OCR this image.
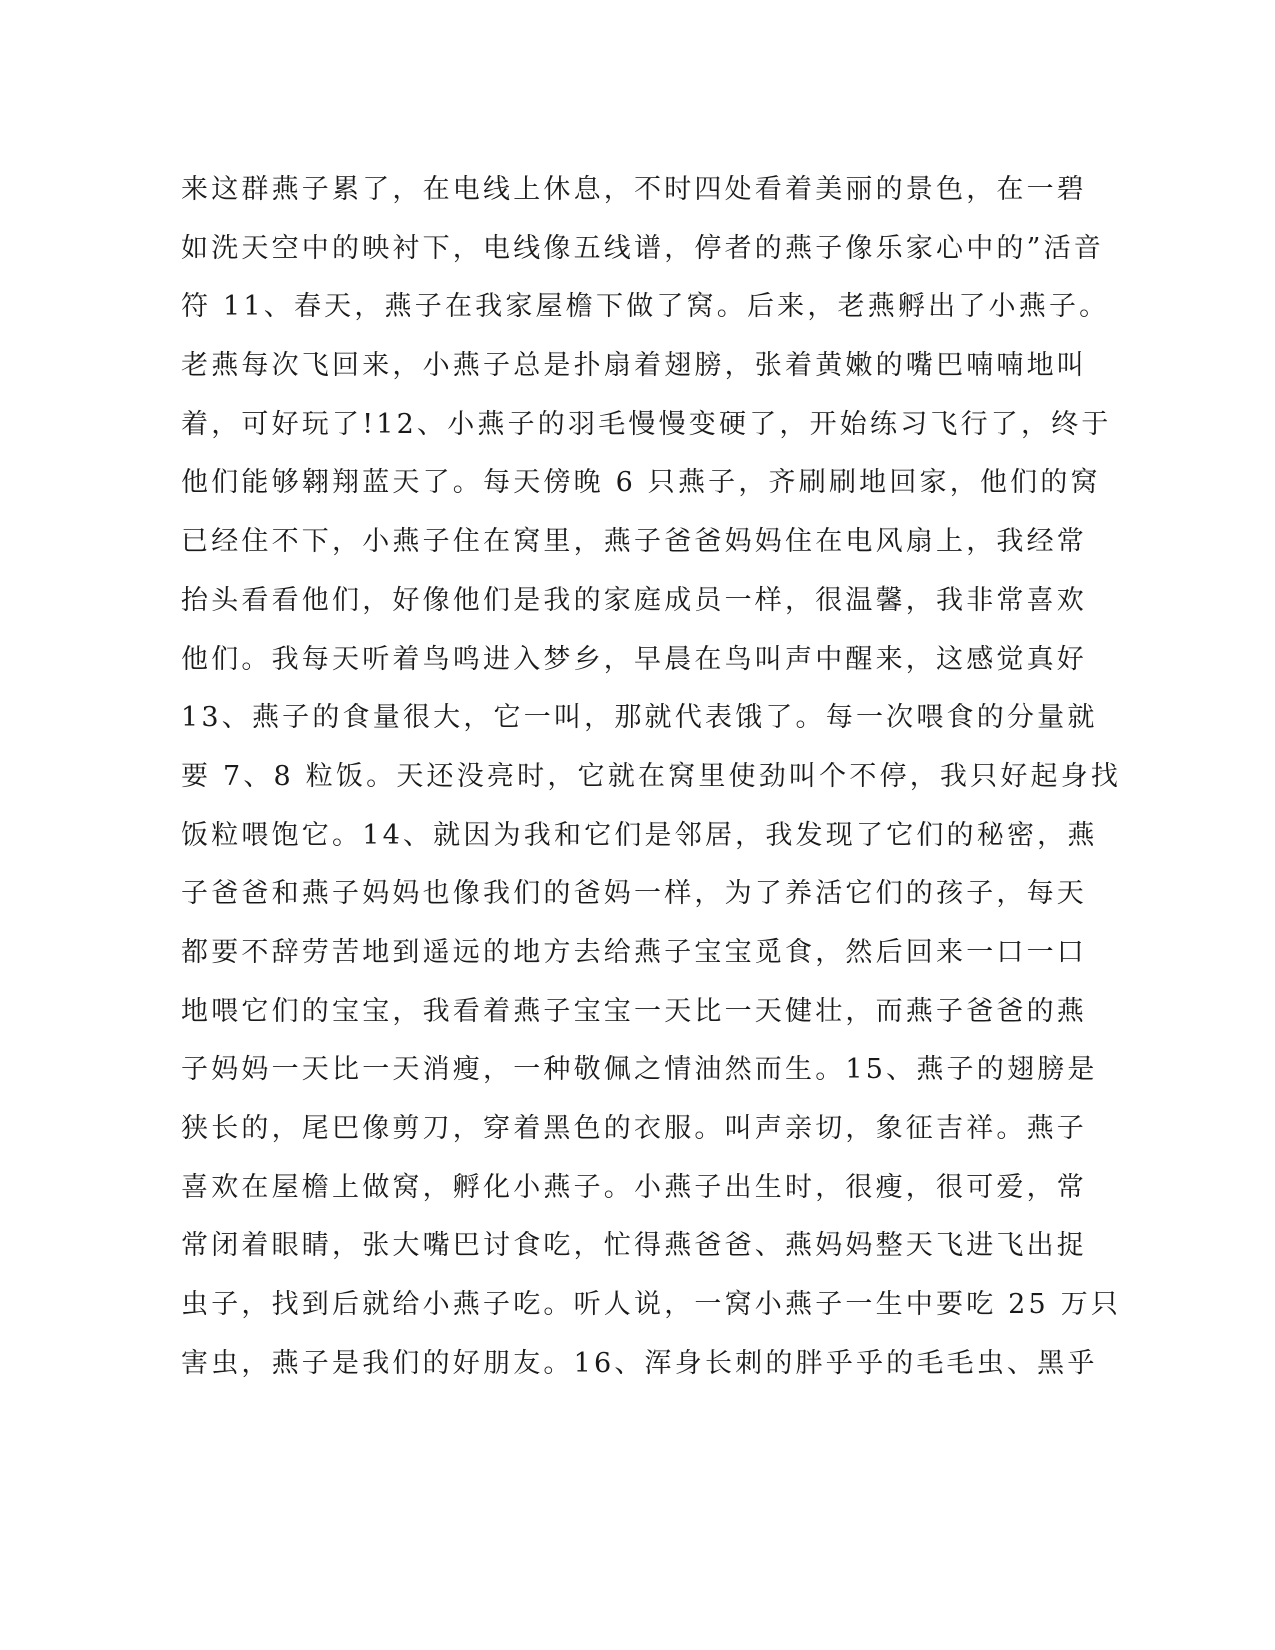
来这群燕子累了，在电线上休息，不时四处看着美丽的景色，在一碧
如洗天空中的映衬下，电线像五线谱，停者的燕子像乐家心中的”活音
符 11、春天，燕子在我家屋檐下做了窝。后来，老燕孵出了小燕子。
老燕每次飞回来，小燕子总是扑扇着翅膀，张着黄嫩的嘴巴喃喃地叫
着，可好玩了!12、小燕子的羽毛慢慢变硬了，开始练习飞行了，终于
他们能够翱翔蓝天了。每天傍晚 6 只燕子，齐刷刷地回家，他们的窝
已经住不下，小燕子住在窝里，燕子爸爸妈妈住在电风扇上，我经常
抬头看看他们，好像他们是我的家庭成员一样，很温馨，我非常喜欢
他们。我每天听着鸟鸣进入梦乡，早晨在鸟叫声中醒来，这感觉真好
13、燕子的食量很大，它一叫，那就代表饿了。每一次喂食的分量就
要 7、8 粒饭。天还没亮时，它就在窝里使劲叫个不停，我只好起身找
饭粒喂饱它。14、就因为我和它们是邻居，我发现了它们的秘密，燕
子爸爸和燕子妈妈也像我们的爸妈一样，为了养活它们的孩子，每天
都要不辞劳苦地到遥远的地方去给燕子宝宝觅食，然后回来一口一口
地喂它们的宝宝，我看着燕子宝宝一天比一天健壮，而燕子爸爸的燕
子妈妈一天比一天消瘦，一种敬佩之情油然而生。15、燕子的翅膀是
狭长的，尾巴像剪刀，穿着黑色的衣服。叫声亲切，象征吉祥。燕子
喜欢在屋檐上做窝，孵化小燕子。小燕子出生时，很瘦，很可爱，常
常闭着眼睛，张大嘴巴讨食吃，忙得燕爸爸、燕妈妈整天飞进飞出捉
虫子，找到后就给小燕子吃。听人说，一窝小燕子一生中要吃 25 万只
害虫，燕子是我们的好朋友。16、浑身长刺的胖乎乎的毛毛虫、黑乎
